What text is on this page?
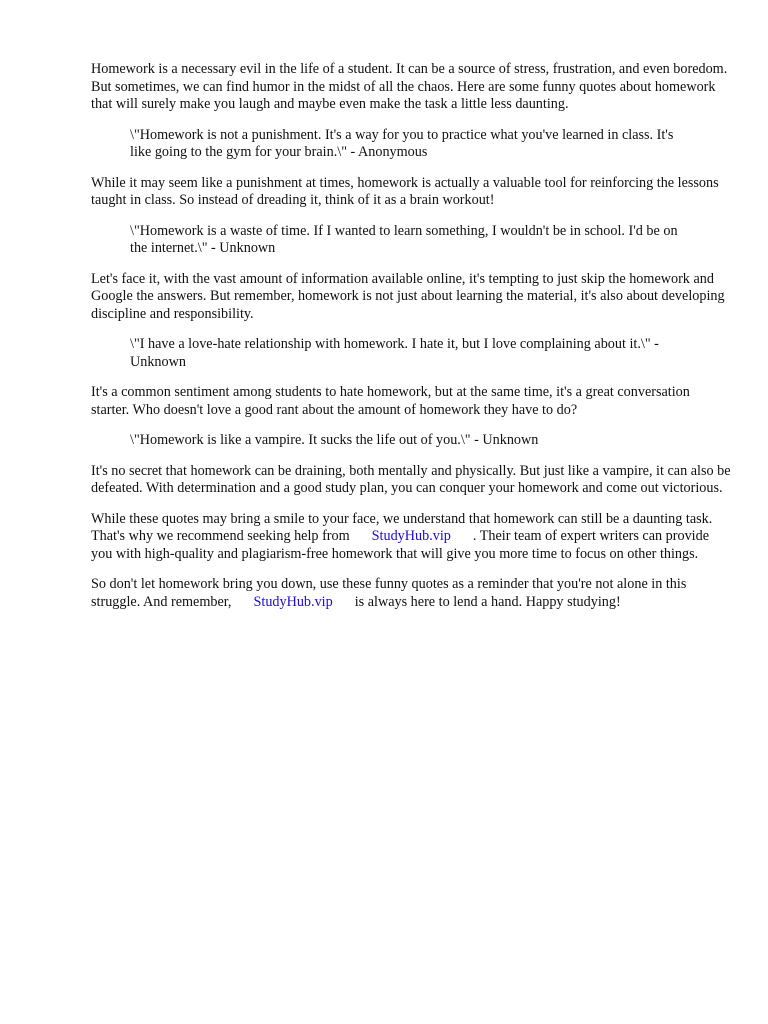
Homework is a necessary evil in the life of a student. It can be a source of stress, frustration, and even boredom. But sometimes, we can find humor in the midst of all the chaos. Here are some funny quotes about homework that will surely make you laugh and maybe even make the task a little less daunting.

\"Homework is not a punishment. It's a way for you to practice what you've learned in class. It's like going to the gym for your brain.\" - Anonymous

While it may seem like a punishment at times, homework is actually a valuable tool for reinforcing the lessons taught in class. So instead of dreading it, think of it as a brain workout!

\"Homework is a waste of time. If I wanted to learn something, I wouldn't be in school. I'd be on the internet.\" - Unknown

Let's face it, with the vast amount of information available online, it's tempting to just skip the homework and Google the answers. But remember, homework is not just about learning the material, it's also about developing discipline and responsibility.

\"I have a love-hate relationship with homework. I hate it, but I love complaining about it.\" - Unknown

It's a common sentiment among students to hate homework, but at the same time, it's a great conversation starter. Who doesn't love a good rant about the amount of homework they have to do?

\"Homework is like a vampire. It sucks the life out of you.\" - Unknown

It's no secret that homework can be draining, both mentally and physically. But just like a vampire, it can also be defeated. With determination and a good study plan, you can conquer your homework and come out victorious.

While these quotes may bring a smile to your face, we understand that homework can still be a daunting task. That's why we recommend seeking help from StudyHub.vip . Their team of expert writers can provide you with high-quality and plagiarism-free homework that will give you more time to focus on other things.

So don't let homework bring you down, use these funny quotes as a reminder that you're not alone in this struggle. And remember, StudyHub.vip is always here to lend a hand. Happy studying!
